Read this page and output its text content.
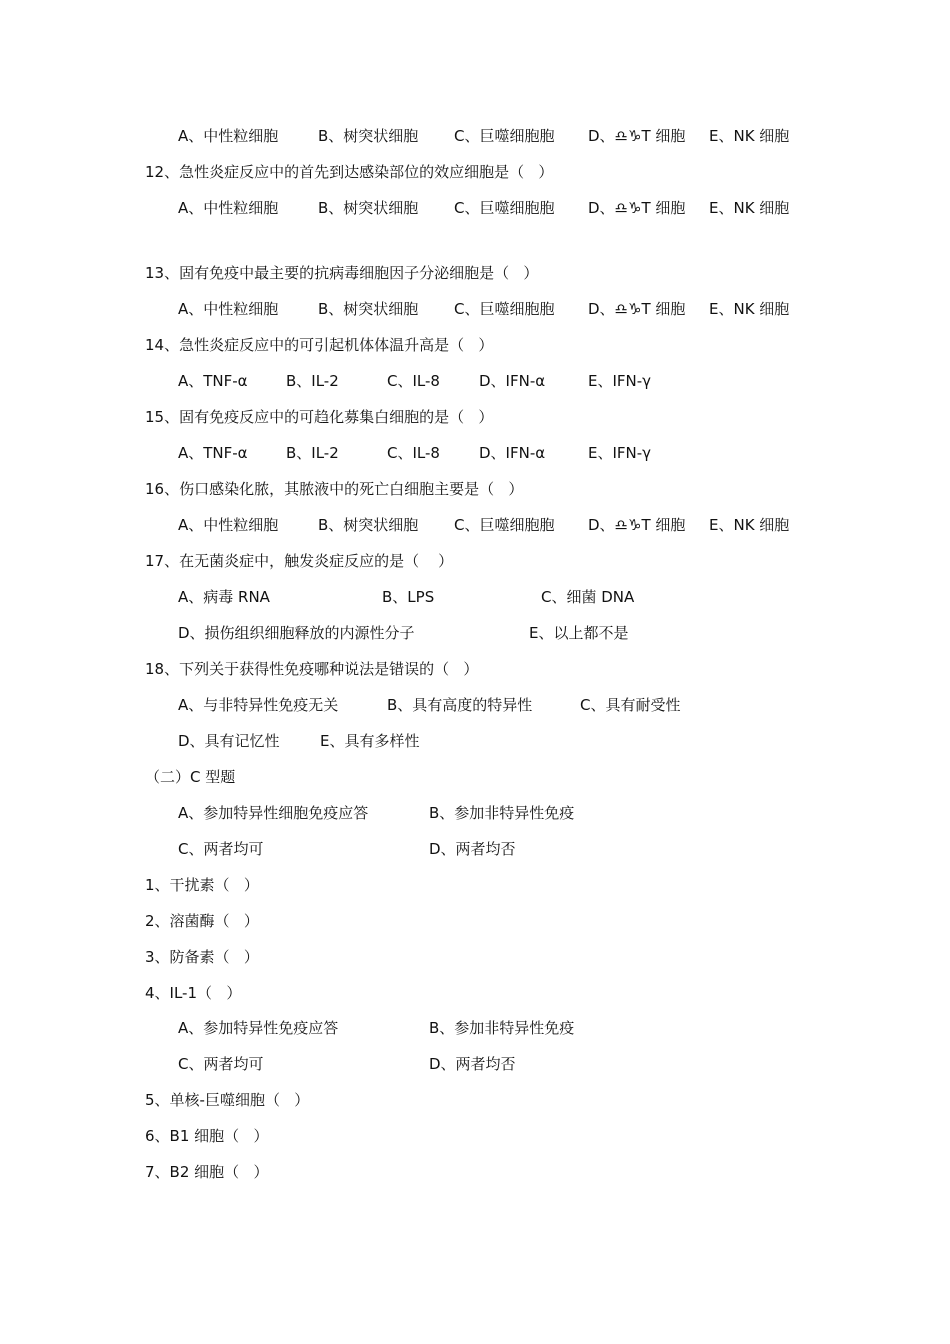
A、中性粒细胞	B、树突状细胞 C、巨噬细胞胞 D、♎♑T 细胞 E、NK 细胞
12、急性炎症反应中的首先到达感染部位的效应细胞是（   ）
A、中性粒细胞	B、树突状细胞 C、巨噬细胞胞 D、♎♑T 细胞 E、NK 细胞
13、固有免疫中最主要的抗病毒细胞因子分泌细胞是（   ）
A、中性粒细胞	B、树突状细胞 C、巨噬细胞胞 D、♎♑T 细胞 E、NK 细胞
14、急性炎症反应中的可引起机体体温升高是（   ）
A、TNF-α	B、IL-2	C、IL-8	D、IFN-α	E、IFN-γ
15、固有免疫反应中的可趋化募集白细胞的是（   ）
A、TNF-α	B、IL-2	C、IL-8	D、IFN-α	E、IFN-γ
16、伤口感染化脓，其脓液中的死亡白细胞主要是（   ）
A、中性粒细胞	B、树突状细胞 C、巨噬细胞胞 D、♎♑T 细胞 E、NK 细胞
17、在无菌炎症中，触发炎症反应的是（    ）
A、病毒 RNA	B、LPS	C、细菌 DNA
D、损伤组织细胞释放的内源性分子	E、以上都不是
18、下列关于获得性免疫哪种说法是错误的（   ）
A、与非特异性免疫无关	B、具有高度的特异性	C、具有耐受性
D、具有记忆性	E、具有多样性
（二）C 型题
A、参加特异性细胞免疫应答	B、参加非特异性免疫
C、两者均可	D、两者均否
1、干扰素（   ）
2、溶菌酶（   ）
3、防备素（   ）
4、IL-1（   ）
A、参加特异性免疫应答	B、参加非特异性免疫
C、两者均可	D、两者均否
5、单核-巨噬细胞（   ）
6、B1 细胞（   ）
7、B2 细胞（   ）
